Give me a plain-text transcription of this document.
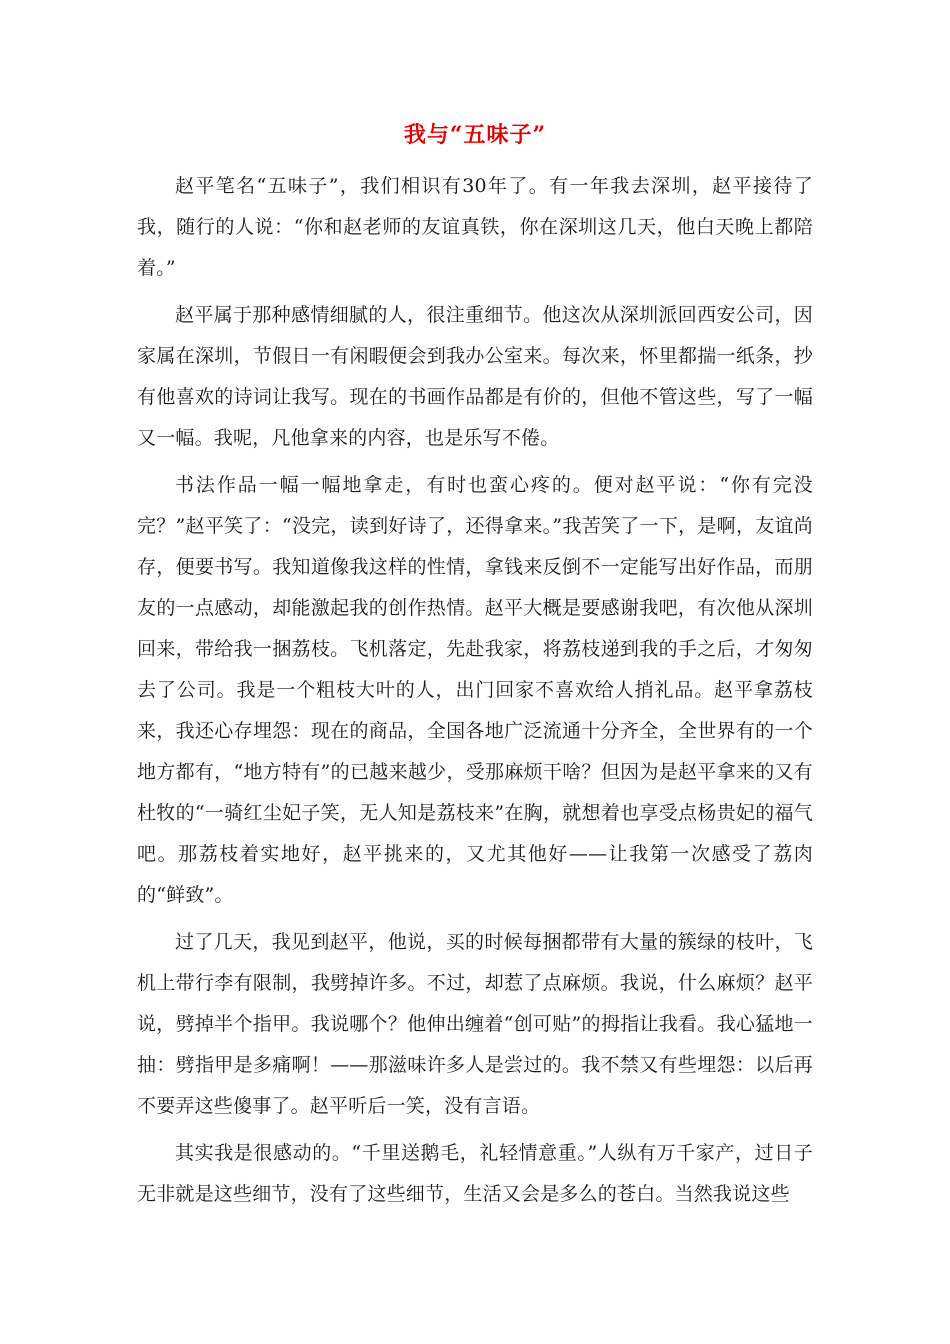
我与“五味子”

赵平笔名“五味子”，我们相识有30年了。有一年我去深圳，赵平接待了我，随行的人说：“你和赵老师的友谊真铁，你在深圳这几天，他白天晚上都陪着。”

赵平属于那种感情细腻的人，很注重细节。他这次从深圳派回西安公司，因家属在深圳，节假日一有闲暇便会到我办公室来。每次来，怀里都揣一纸条，抄有他喜欢的诗词让我写。现在的书画作品都是有价的，但他不管这些，写了一幅又一幅。我呢，凡他拿来的内容，也是乐写不倦。

书法作品一幅一幅地拿走，有时也蛮心疼的。便对赵平说：“你有完没完？”赵平笑了：“没完，读到好诗了，还得拿来。”我苦笑了一下，是啊，友谊尚存，便要书写。我知道像我这样的性情，拿钱来反倒不一定能写出好作品，而朋友的一点感动，却能激起我的创作热情。赵平大概是要感谢我吧，有次他从深圳回来，带给我一捆荔枝。飞机落定，先赴我家，将荔枝递到我的手之后，才匆匆去了公司。我是一个粗枝大叶的人，出门回家不喜欢给人捎礼品。赵平拿荔枝来，我还心存埋怨：现在的商品，全国各地广泛流通十分齐全，全世界有的一个地方都有，“地方特有”的已越来越少，受那麻烦干啥？但因为是赵平拿来的又有杜牧的“一骑红尘妃子笑，无人知是荔枝来”在胸，就想着也享受点杨贵妃的福气吧。那荔枝着实地好，赵平挑来的，又尤其他好——让我第一次感受了荔肉的“鲜致”。

过了几天，我见到赵平，他说，买的时候每捆都带有大量的簇绿的枝叶，飞机上带行李有限制，我劈掉许多。不过，却惹了点麻烦。我说，什么麻烦？赵平说，劈掉半个指甲。我说哪个？他伸出缠着“创可贴”的拇指让我看。我心猛地一抽：劈指甲是多痛啊！——那滋味许多人是尝过的。我不禁又有些埋怨：以后再不要弄这些傻事了。赵平听后一笑，没有言语。

其实我是很感动的。“千里送鹅毛，礼轻情意重。”人纵有万千家产，过日子无非就是这些细节，没有了这些细节，生活又会是多么的苍白。当然我说这些
